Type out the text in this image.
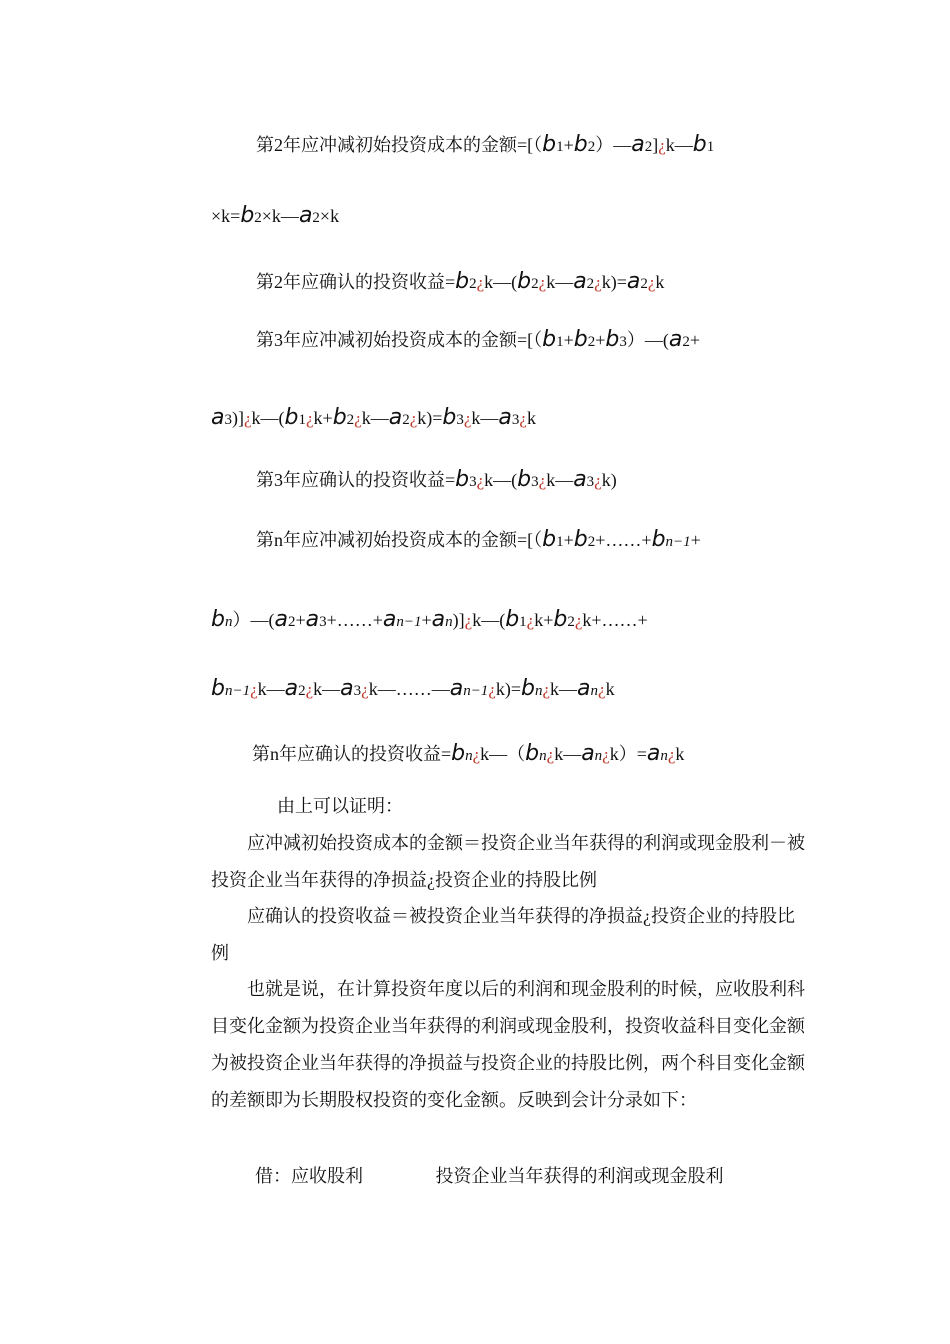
第2年应冲减初始投资成本的金额=[（b1+b2）—a2]¿k—b1
×k=b2×k—a2×k
第2年应确认的投资收益=b2¿k—(b2¿k—a2¿k)=a2¿k
第3年应冲减初始投资成本的金额=[（b1+b2+b3）—(a2+
a3)]¿k—(b1¿k+b2¿k—a2¿k)=b3¿k—a3¿k
第3年应确认的投资收益=b3¿k—(b3¿k—a3¿k)
第n年应冲减初始投资成本的金额=[（b1+b2+……+bn−1+
bn）—(a2+a3+……+an−1+an)]¿k—(b1¿k+b2¿k+……+
bn−1¿k—a2¿k—a3¿k—……—an−1¿k)=bn¿k—an¿k
第n年应确认的投资收益=bn¿k—（bn¿k—an¿k）=an¿k
由上可以证明：
　　应冲减初始投资成本的金额＝投资企业当年获得的利润或现金股利－被投资企业当年获得的净损益¿投资企业的持股比例
　　应确认的投资收益＝被投资企业当年获得的净损益¿投资企业的持股比例
　　也就是说，在计算投资年度以后的利润和现金股利的时候，应收股利科目变化金额为投资企业当年获得的利润或现金股利，投资收益科目变化金额为被投资企业当年获得的净损益与投资企业的持股比例，两个科目变化金额的差额即为长期股权投资的变化金额。反映到会计分录如下：
借：应收股利	投资企业当年获得的利润或现金股利
